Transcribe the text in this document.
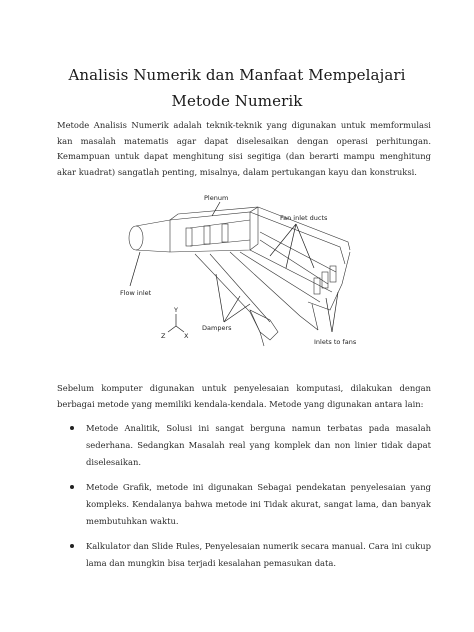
Analisis Numerik dan Manfaat Mempelajari Metode Numerik
Metode Analisis Numerik adalah teknik-teknik yang digunakan untuk memformulasi kan masalah matematis agar dapat diselesaikan dengan operasi perhitungan. Kemampuan untuk dapat menghitung sisi segitiga (dan berarti mampu menghitung akar kuadrat) sangatlah penting, misalnya, dalam pertukangan kayu dan konstruksi.
Plenum
Fan inlet ducts
Flow inlet
Dampers
Inlets to fans
Y
Z	X
Sebelum komputer digunakan untuk penyelesaian komputasi, dilakukan dengan berbagai metode yang memiliki kendala-kendala. Metode yang digunakan antara lain:
Metode Analitik, Solusi ini sangat berguna namun terbatas pada masalah sederhana. Sedangkan Masalah real yang komplek dan non linier tidak dapat diselesaikan.
Metode Grafik, metode ini digunakan Sebagai pendekatan penyelesaian yang kompleks. Kendalanya bahwa metode ini Tidak akurat, sangat lama, dan banyak membutuhkan waktu.
Kalkulator dan Slide Rules, Penyelesaian numerik secara manual. Cara ini cukup lama dan mungkin bisa terjadi kesalahan pemasukan data.
